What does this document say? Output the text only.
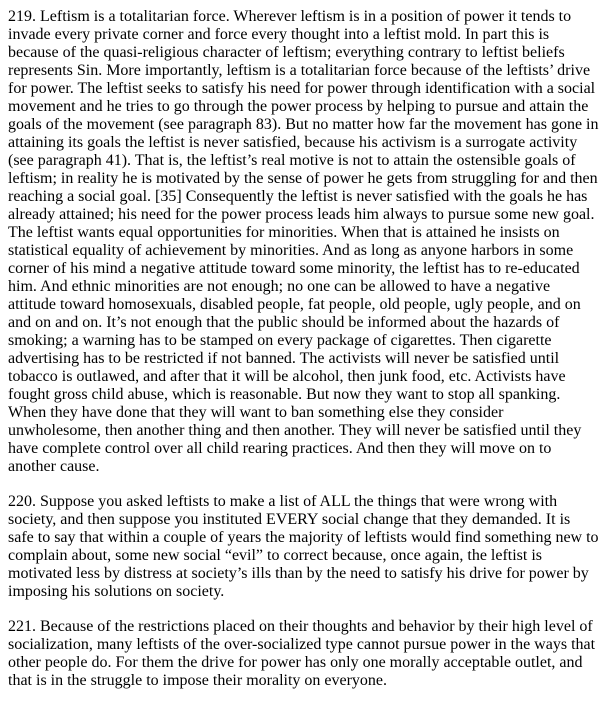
219. Leftism is a totalitarian force. Wherever leftism is in a position of power it tends to invade every private corner and force every thought into a leftist mold. In part this is because of the quasi-religious character of leftism; everything contrary to leftist beliefs represents Sin. More importantly, leftism is a totalitarian force because of the leftists’ drive for power. The leftist seeks to satisfy his need for power through identification with a social movement and he tries to go through the power process by helping to pursue and attain the goals of the movement (see paragraph 83). But no matter how far the movement has gone in attaining its goals the leftist is never satisfied, because his activism is a surrogate activity (see paragraph 41). That is, the leftist’s real motive is not to attain the ostensible goals of leftism; in reality he is motivated by the sense of power he gets from struggling for and then reaching a social goal. [35] Consequently the leftist is never satisfied with the goals he has already attained; his need for the power process leads him always to pursue some new goal. The leftist wants equal opportunities for minorities. When that is attained he insists on statistical equality of achievement by minorities. And as long as anyone harbors in some corner of his mind a negative attitude toward some minority, the leftist has to re-educated him. And ethnic minorities are not enough; no one can be allowed to have a negative attitude toward homosexuals, disabled people, fat people, old people, ugly people, and on and on and on. It’s not enough that the public should be informed about the hazards of smoking; a warning has to be stamped on every package of cigarettes. Then cigarette advertising has to be restricted if not banned. The activists will never be satisfied until tobacco is outlawed, and after that it will be alcohol, then junk food, etc. Activists have fought gross child abuse, which is reasonable. But now they want to stop all spanking. When they have done that they will want to ban something else they consider unwholesome, then another thing and then another. They will never be satisfied until they have complete control over all child rearing practices. And then they will move on to another cause.

220. Suppose you asked leftists to make a list of ALL the things that were wrong with society, and then suppose you instituted EVERY social change that they demanded. It is safe to say that within a couple of years the majority of leftists would find something new to complain about, some new social “evil” to correct because, once again, the leftist is motivated less by distress at society’s ills than by the need to satisfy his drive for power by imposing his solutions on society.

221. Because of the restrictions placed on their thoughts and behavior by their high level of socialization, many leftists of the over-socialized type cannot pursue power in the ways that other people do. For them the drive for power has only one morally acceptable outlet, and that is in the struggle to impose their morality on everyone.
